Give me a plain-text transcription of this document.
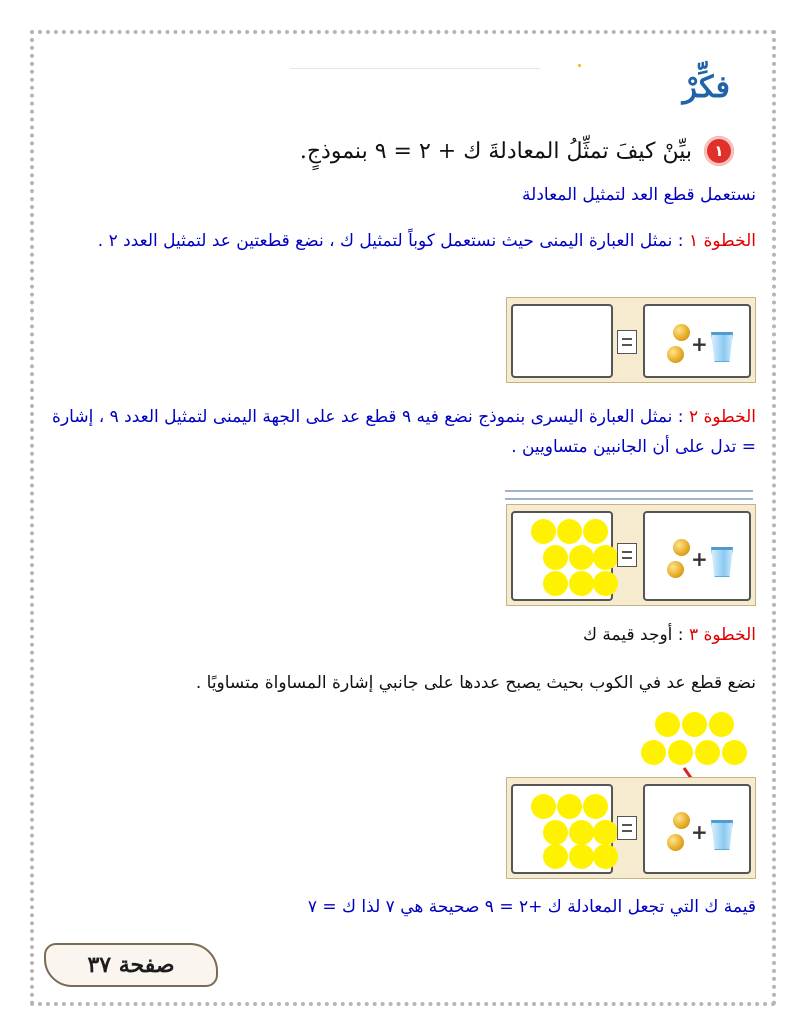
فكِّرْ
١
بيِّنْ كيفَ تمثِّلُ المعادلةَ ك + ٢ = ٩ بنموذجٍ.
نستعمل قطع العد لتمثيل المعادلة
الخطوة ١ : نمثل العبارة اليمنى حيث نستعمل كوباً لتمثيل ك ، نضع قطعتين عد لتمثيل العدد ٢ .
+
الخطوة ٢ : نمثل العبارة اليسرى بنموذج نضع فيه ٩ قطع عد على الجهة اليمنى لتمثيل العدد ٩ ، إشارة = تدل على أن الجانبين متساويين .
+
الخطوة ٣ : أوجد قيمة ك
نضع قطع عد في الكوب بحيث يصبح عددها على جانبي إشارة المساواة متساويًا .
+
قيمة ك التي تجعل المعادلة ك +٢ = ٩ صحيحة هي ٧ لذا ك = ٧
صفحة ٣٧
